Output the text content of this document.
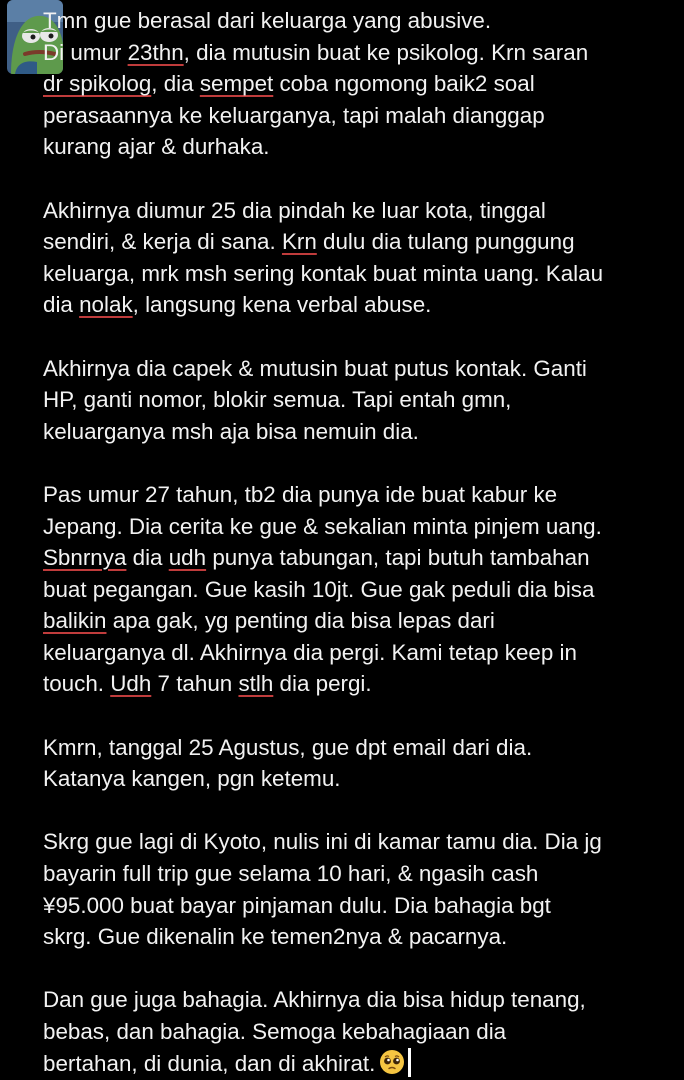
Tmn gue berasal dari keluarga yang abusive.
Di umur 23thn, dia mutusin buat ke psikolog. Krn saran
dr spikolog, dia sempet coba ngomong baik2 soal
perasaannya ke keluarganya, tapi malah dianggap
kurang ajar & durhaka.
Akhirnya diumur 25 dia pindah ke luar kota, tinggal
sendiri, & kerja di sana. Krn dulu dia tulang punggung
keluarga, mrk msh sering kontak buat minta uang. Kalau
dia nolak, langsung kena verbal abuse.
Akhirnya dia capek & mutusin buat putus kontak. Ganti
HP, ganti nomor, blokir semua. Tapi entah gmn,
keluarganya msh aja bisa nemuin dia.
Pas umur 27 tahun, tb2 dia punya ide buat kabur ke
Jepang. Dia cerita ke gue & sekalian minta pinjem uang.
Sbnrnya dia udh punya tabungan, tapi butuh tambahan
buat pegangan. Gue kasih 10jt. Gue gak peduli dia bisa
balikin apa gak, yg penting dia bisa lepas dari
keluarganya dl. Akhirnya dia pergi. Kami tetap keep in
touch. Udh 7 tahun stlh dia pergi.
Kmrn, tanggal 25 Agustus, gue dpt email dari dia.
Katanya kangen, pgn ketemu.
Skrg gue lagi di Kyoto, nulis ini di kamar tamu dia. Dia jg
bayarin full trip gue selama 10 hari, & ngasih cash
¥95.000 buat bayar pinjaman dulu. Dia bahagia bgt
skrg. Gue dikenalin ke temen2nya & pacarnya.
Dan gue juga bahagia. Akhirnya dia bisa hidup tenang,
bebas, dan bahagia. Semoga kebahagiaan dia
bertahan, di dunia, dan di akhirat.
